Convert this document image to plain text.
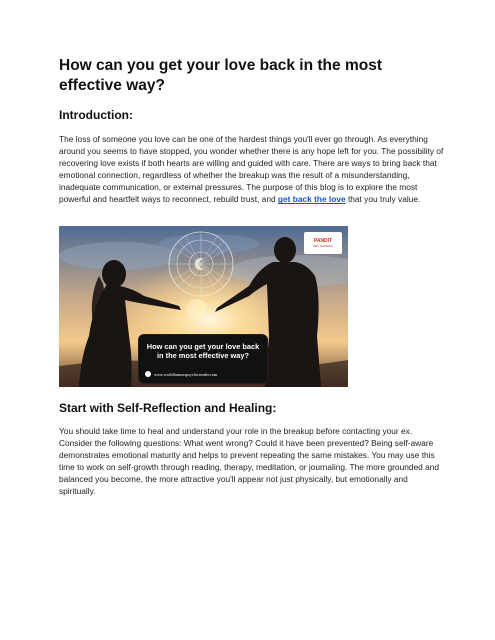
How can you get your love back in the most effective way?
Introduction:

The loss of someone you love can be one of the hardest things you'll ever go through. As everything around you seems to have stopped, you wonder whether there is any hope left for you. The possibility of recovering love exists if both hearts are willing and guided with care. There are ways to bring back that emotional connection, regardless of whether the breakup was the result of a misunderstanding, inadequate communication, or external pressures. The purpose of this blog is to explore the most powerful and heartfelt ways to reconnect, rebuild trust, and get back the love that you truly value.

PANDIT
DEV SHARMA
How can you get your love back in the most effective way?
www.worldfamouspsychicreader.com
Start with Self-Reflection and Healing:

You should take time to heal and understand your role in the breakup before contacting your ex. Consider the following questions: What went wrong? Could it have been prevented? Being self-aware demonstrates emotional maturity and helps to prevent repeating the same mistakes. You may use this time to work on self-growth through reading, therapy, meditation, or journaling. The more grounded and balanced you become, the more attractive you'll appear not just physically, but emotionally and spiritually.
